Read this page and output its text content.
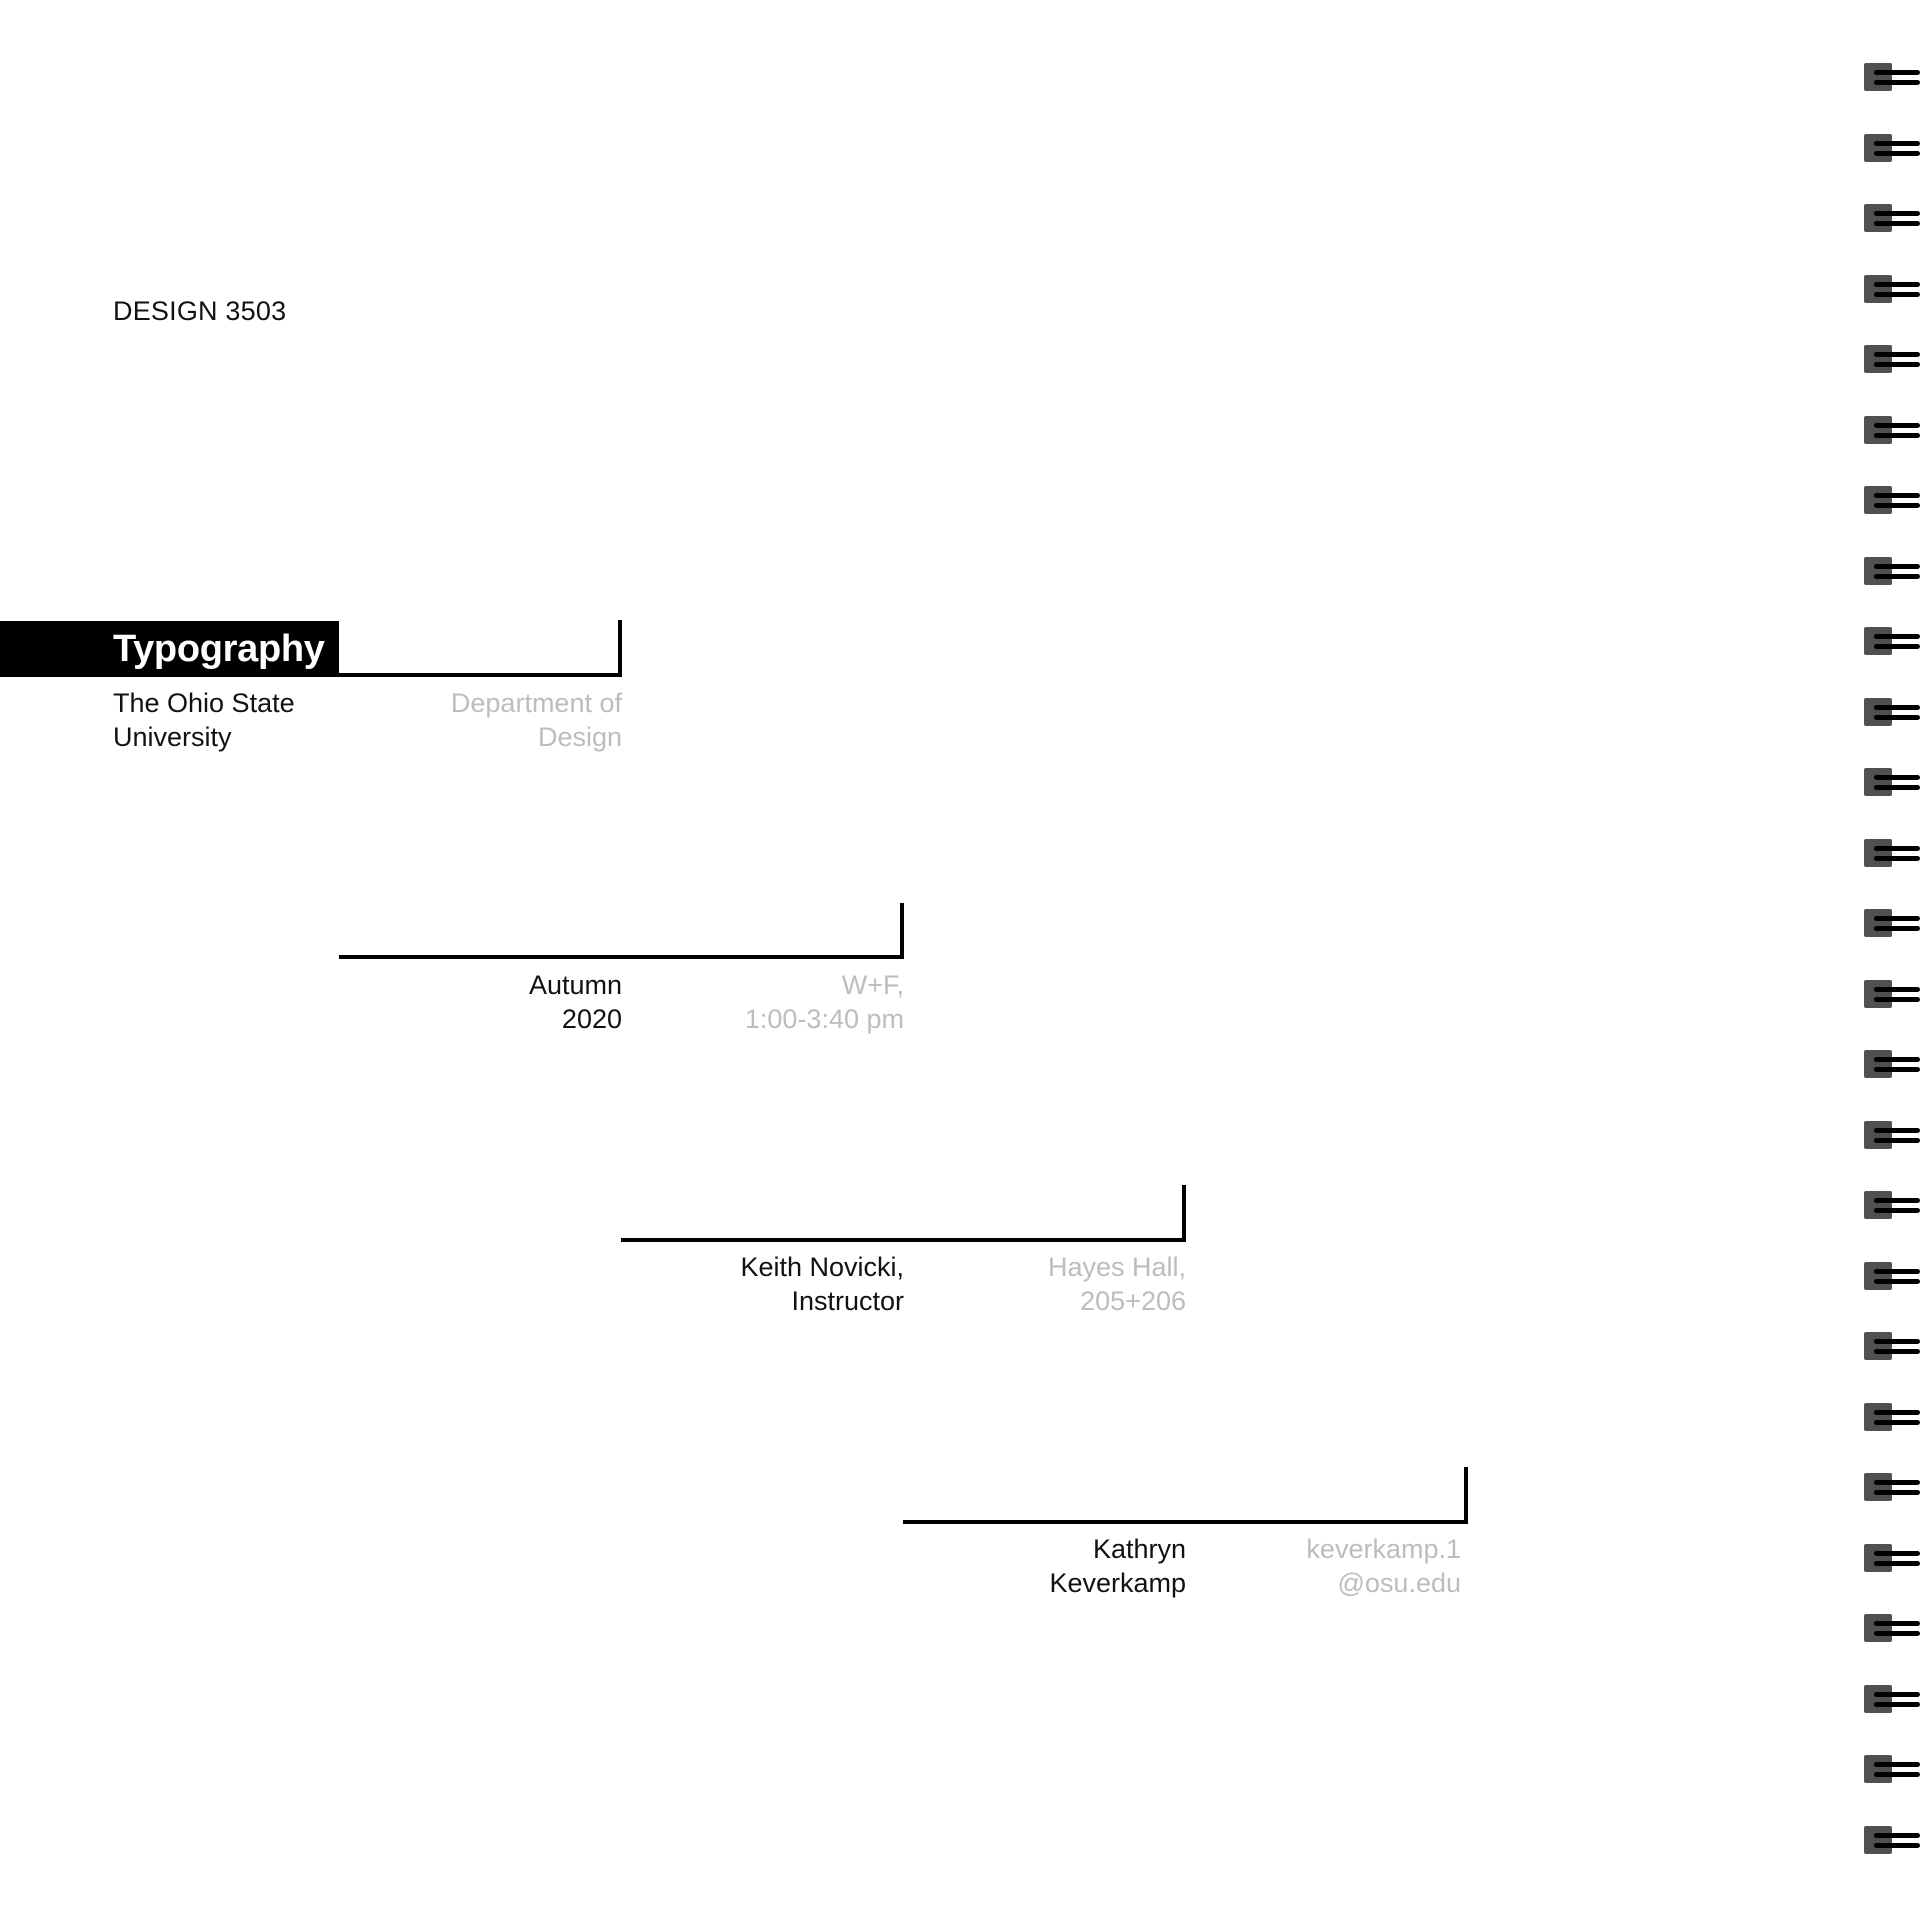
DESIGN 3503
Typography
The Ohio State
University
Department of
Design
Autumn
2020
W+F,
1:00-3:40 pm
Keith Novicki,
Instructor
Hayes Hall,
205+206
Kathryn
Keverkamp
keverkamp.1
@osu.edu
